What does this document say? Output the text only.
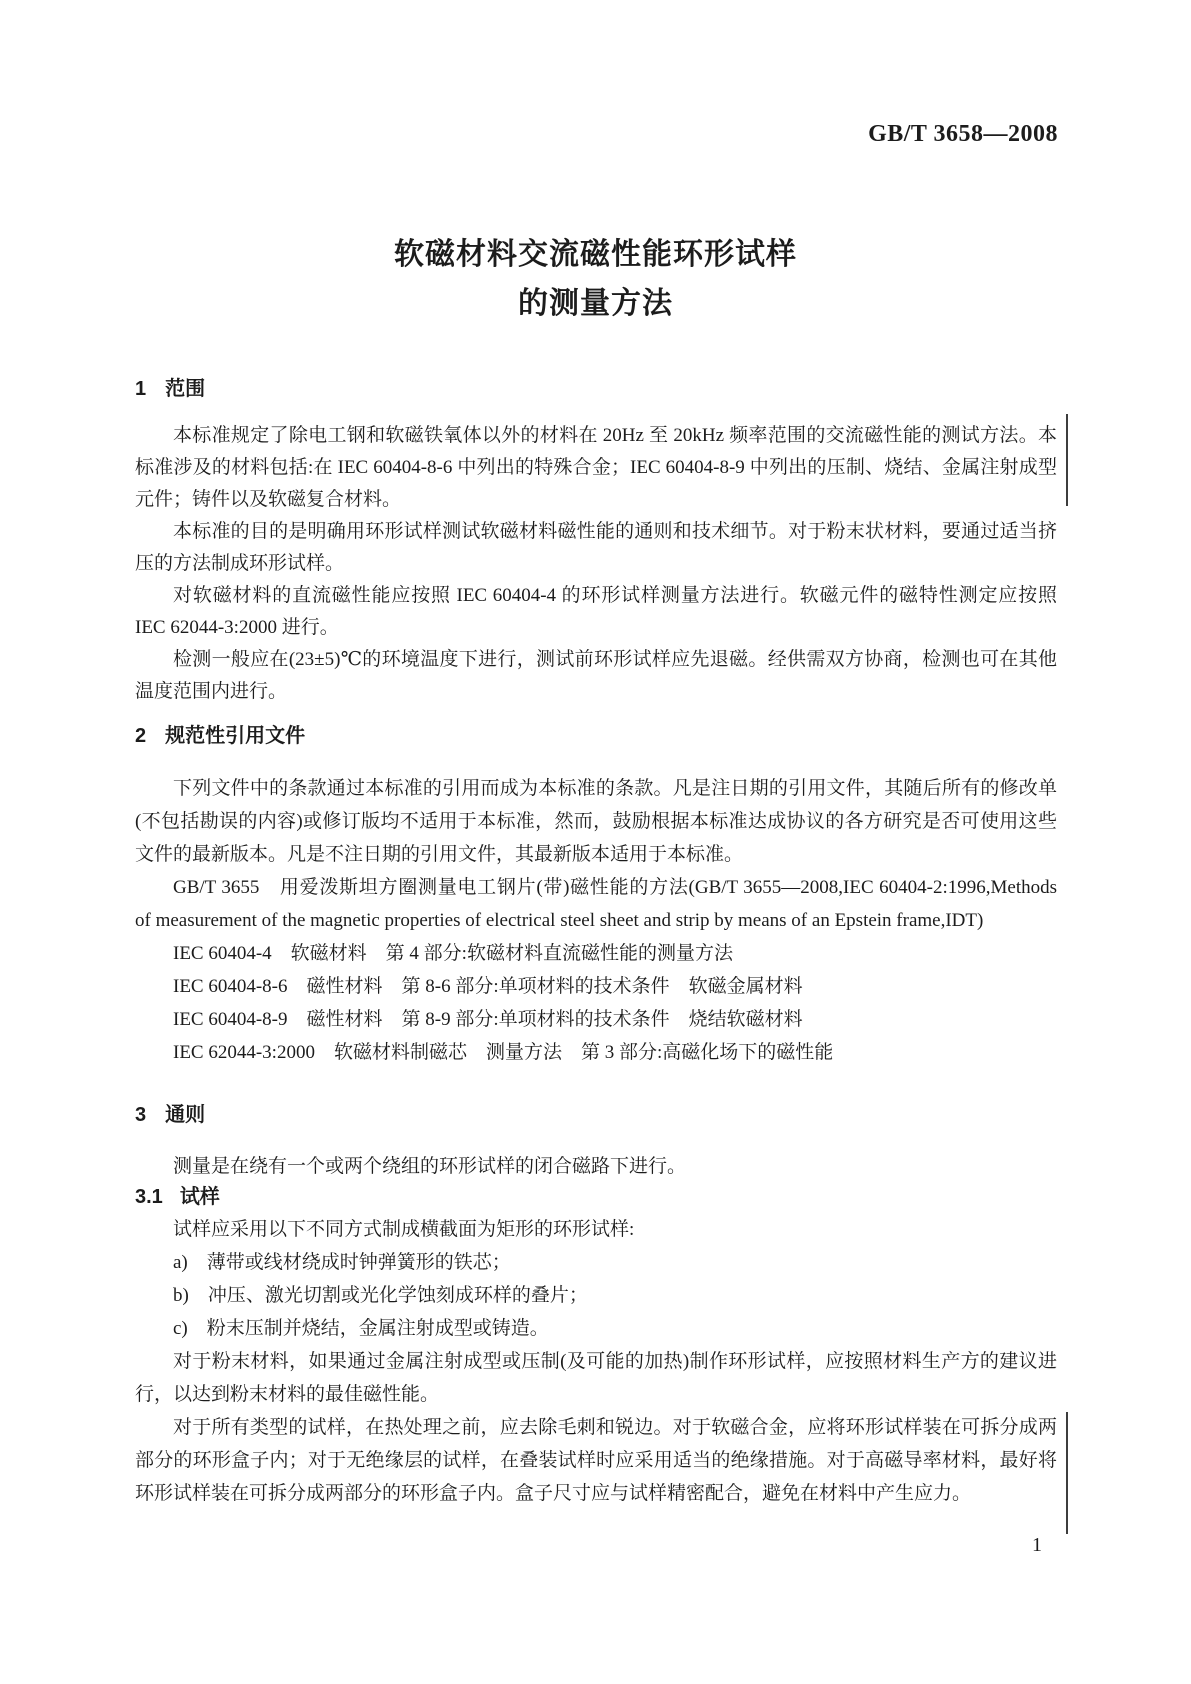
GB/T 3658—2008
软磁材料交流磁性能环形试样
的测量方法
1 范围

本标准规定了除电工钢和软磁铁氧体以外的材料在 20Hz 至 20kHz 频率范围的交流磁性能的测试方法。本标准涉及的材料包括:在 IEC 60404-8-6 中列出的特殊合金；IEC 60404-8-9 中列出的压制、烧结、金属注射成型元件；铸件以及软磁复合材料。

本标准的目的是明确用环形试样测试软磁材料磁性能的通则和技术细节。对于粉末状材料，要通过适当挤压的方法制成环形试样。

对软磁材料的直流磁性能应按照 IEC 60404-4 的环形试样测量方法进行。软磁元件的磁特性测定应按照 IEC 62044-3:2000 进行。

检测一般应在(23±5)℃的环境温度下进行，测试前环形试样应先退磁。经供需双方协商，检测也可在其他温度范围内进行。

2 规范性引用文件

下列文件中的条款通过本标准的引用而成为本标准的条款。凡是注日期的引用文件，其随后所有的修改单(不包括勘误的内容)或修订版均不适用于本标准，然而，鼓励根据本标准达成协议的各方研究是否可使用这些文件的最新版本。凡是不注日期的引用文件，其最新版本适用于本标准。

GB/T 3655　用爱泼斯坦方圈测量电工钢片(带)磁性能的方法(GB/T 3655—2008,IEC 60404-2:1996,Methods of measurement of the magnetic properties of electrical steel sheet and strip by means of an Epstein frame,IDT)

IEC 60404-4　软磁材料　第 4 部分:软磁材料直流磁性能的测量方法

IEC 60404-8-6　磁性材料　第 8-6 部分:单项材料的技术条件　软磁金属材料

IEC 60404-8-9　磁性材料　第 8-9 部分:单项材料的技术条件　烧结软磁材料

IEC 62044-3:2000　软磁材料制磁芯　测量方法　第 3 部分:高磁化场下的磁性能

3 通则

测量是在绕有一个或两个绕组的环形试样的闭合磁路下进行。

3.1 试样

试样应采用以下不同方式制成横截面为矩形的环形试样:

a)　薄带或线材绕成时钟弹簧形的铁芯；

b)　冲压、激光切割或光化学蚀刻成环样的叠片；

c)　粉末压制并烧结，金属注射成型或铸造。

对于粉末材料，如果通过金属注射成型或压制(及可能的加热)制作环形试样，应按照材料生产方的建议进行，以达到粉末材料的最佳磁性能。

对于所有类型的试样，在热处理之前，应去除毛刺和锐边。对于软磁合金，应将环形试样装在可拆分成两部分的环形盒子内；对于无绝缘层的试样，在叠装试样时应采用适当的绝缘措施。对于高磁导率材料，最好将环形试样装在可拆分成两部分的环形盒子内。盒子尺寸应与试样精密配合，避免在材料中产生应力。

1
